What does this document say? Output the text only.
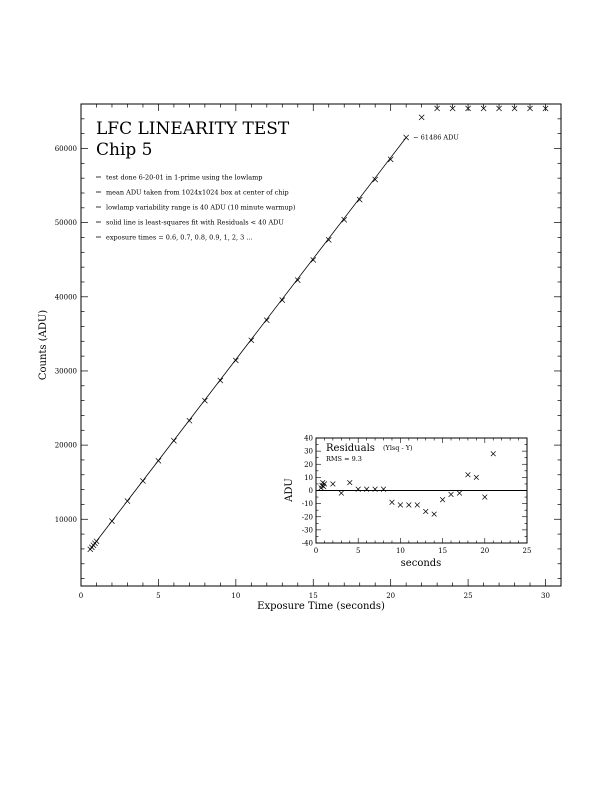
0	5	10	15	20	25	30
10000
20000
30000
40000
50000
60000
LFC LINEARITY TEST
Chip 5
test done 6-20-01 in 1-prime using the lowlamp
mean ADU taken from 1024x1024 box at center of chip
lowlamp variability range is 40 ADU (10 minute warmup)
solid line is least-squares fit with Residuals < 40 ADU
exposure times = 0.6, 0.7, 0.8, 0.9, 1, 2, 3 ...
~ 61486 ADU
Exposure Time (seconds)
Counts (ADU)
0	5	10	15	20	25
-40
-30
-20
-10
0
10
20
30
40
Residuals (Ylsq - Y)
RMS = 9.3
seconds
ADU
